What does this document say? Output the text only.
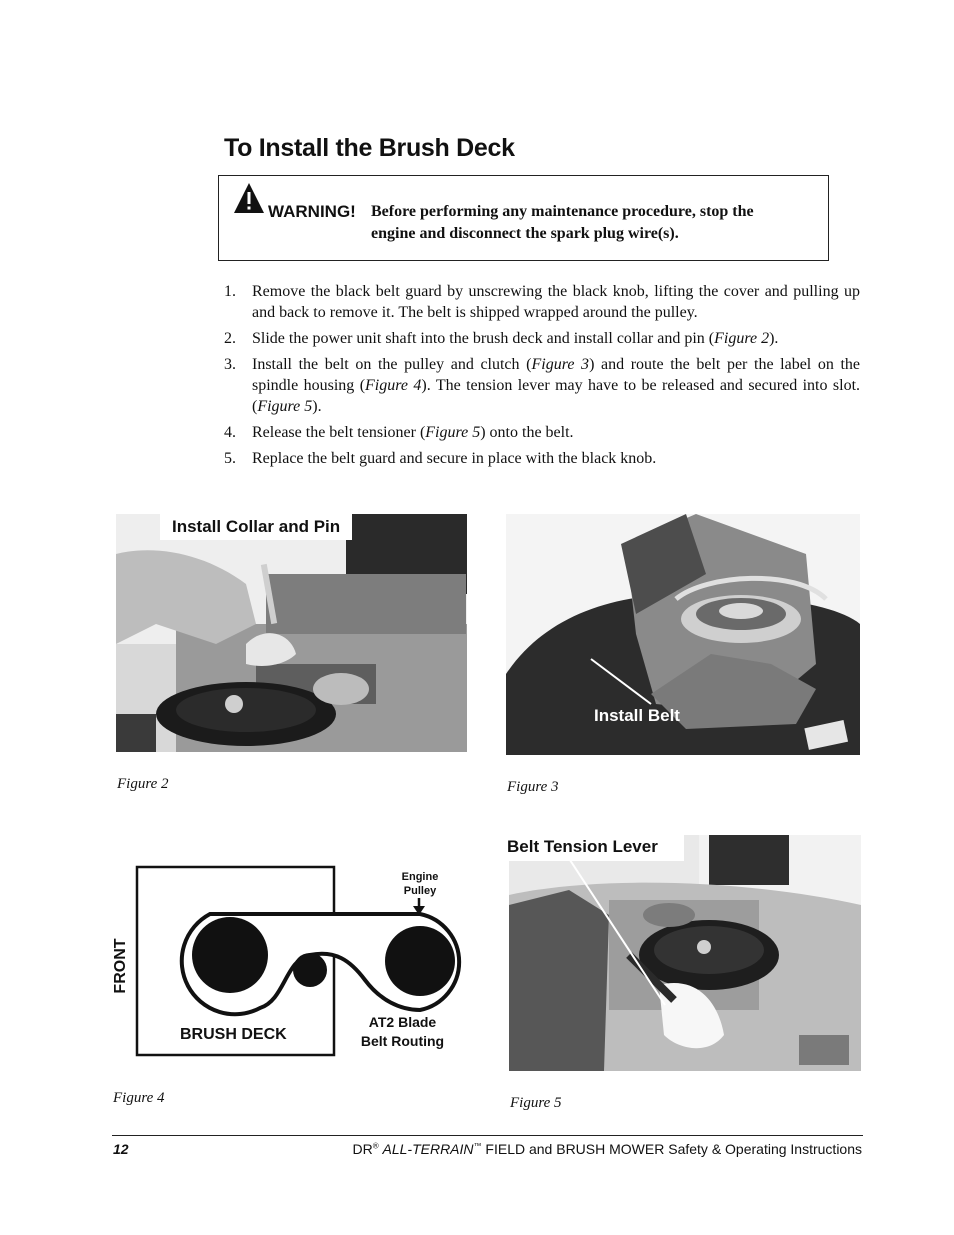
To Install the Brush Deck
WARNING! Before performing any maintenance procedure, stop the
engine and disconnect the spark plug wire(s).
1.	Remove the black belt guard by unscrewing the black knob, lifting the cover and pulling up and back to remove it. The belt is shipped wrapped around the pulley.
2.	Slide the power unit shaft into the brush deck and install collar and pin (Figure 2).
3.	Install the belt on the pulley and clutch (Figure 3) and route the belt per the label on the spindle housing (Figure 4). The tension lever may have to be released and secured into slot. (Figure 5).
4.	Release the belt tensioner (Figure 5) onto the belt.
5.	Replace the belt guard and secure in place with the black knob.
Install Collar and Pin
Figure 2
Install Belt
Figure 3
FRONT
Engine
Pulley
BRUSH DECK
AT2 Blade
Belt Routing
Figure 4
Belt Tension Lever
Figure 5
12	DR® ALL-TERRAIN™ FIELD and BRUSH MOWER Safety & Operating Instructions
